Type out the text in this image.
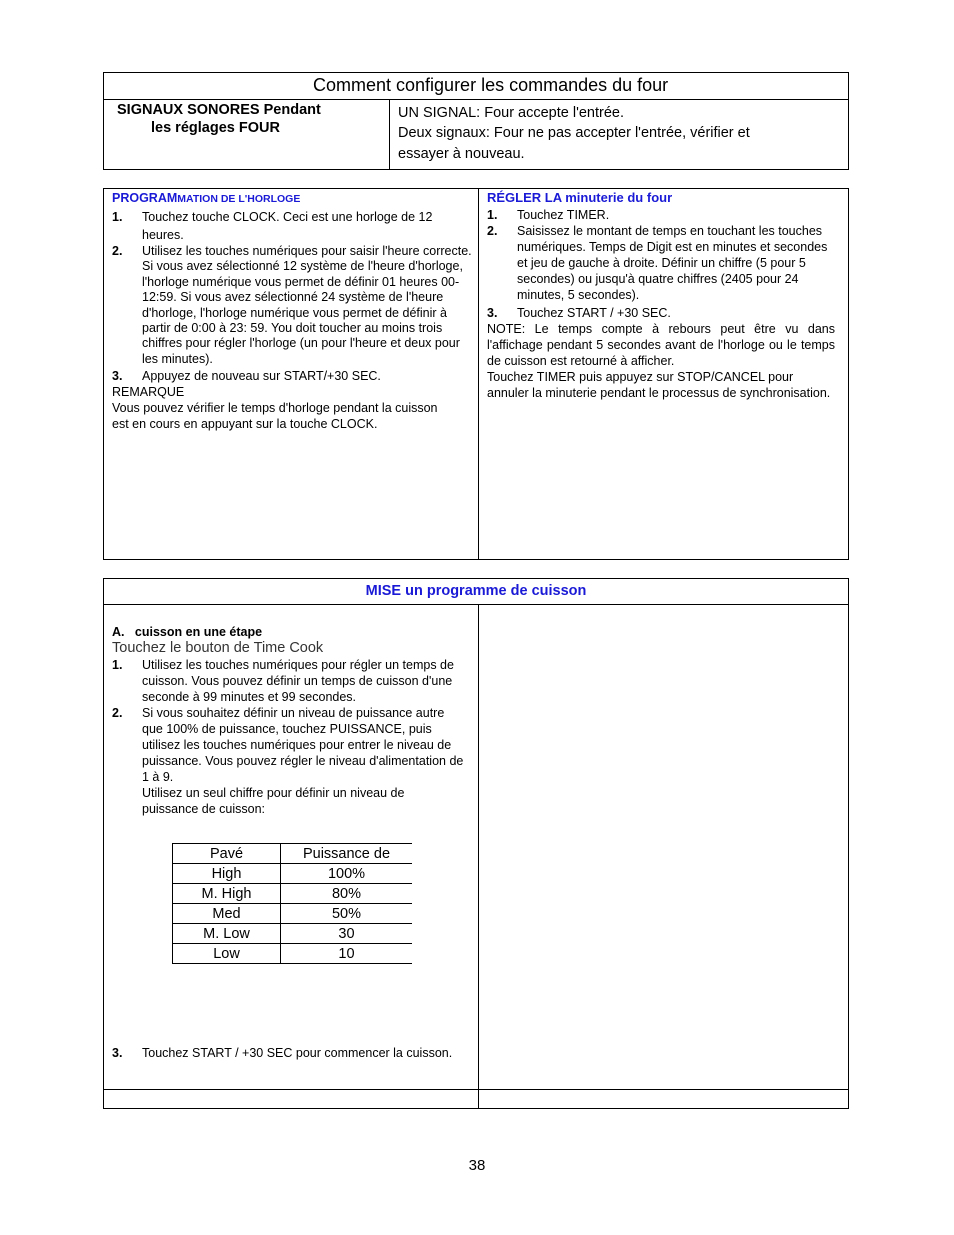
Comment configurer les commandes du four
SIGNAUX SONORES Pendant
les réglages FOUR
UN SIGNAL: Four accepte l'entrée.
Deux signaux: Four ne pas accepter l'entrée, vérifier et
essayer à nouveau.
PROGRAMMATION DE L'HORLOGE
1. Touchez touche CLOCK. Ceci est une horloge de 12 heures.
2. Utilisez les touches numériques pour saisir l'heure correcte. Si vous avez sélectionné 12 système de l'heure d'horloge, l'horloge numérique vous permet de définir 01 heures 00-12:59. Si vous avez sélectionné 24 système de l'heure d'horloge, l'horloge numérique vous permet de définir à partir de 0:00 à 23: 59. You doit toucher au moins trois chiffres pour régler l'horloge (un pour l'heure et deux pour les minutes).
3. Appuyez de nouveau sur START/+30 SEC.
REMARQUE
Vous pouvez vérifier le temps d'horloge pendant la cuisson est en cours en appuyant sur la touche CLOCK.
RÉGLER LA minuterie du four
1. Touchez TIMER.
2. Saisissez le montant de temps en touchant les touches numériques. Temps de Digit est en minutes et secondes et jeu de gauche à droite. Définir un chiffre (5 pour 5 secondes) ou jusqu'à quatre chiffres (2405 pour 24 minutes, 5 secondes).
3. Touchez START / +30 SEC.
NOTE: Le temps compte à rebours peut être vu dans l'affichage pendant 5 secondes avant de l'horloge ou le temps de cuisson est retourné à afficher.
Touchez TIMER puis appuyez sur STOP/CANCEL pour annuler la minuterie pendant le processus de synchronisation.
MISE un programme de cuisson
A. cuisson en une étape
Touchez le bouton de Time Cook
1. Utilisez les touches numériques pour régler un temps de cuisson. Vous pouvez définir un temps de cuisson d'une seconde à 99 minutes et 99 secondes.
2. Si vous souhaitez définir un niveau de puissance autre que 100% de puissance, touchez PUISSANCE, puis utilisez les touches numériques pour entrer le niveau de puissance. Vous pouvez régler le niveau d'alimentation de 1 à 9.
Utilisez un seul chiffre pour définir un niveau de puissance de cuisson:
Pavé	Puissance de
High	100%
M. High	80%
Med	50%
M. Low	30
Low	10
3. Touchez START / +30 SEC pour commencer la cuisson.
38
